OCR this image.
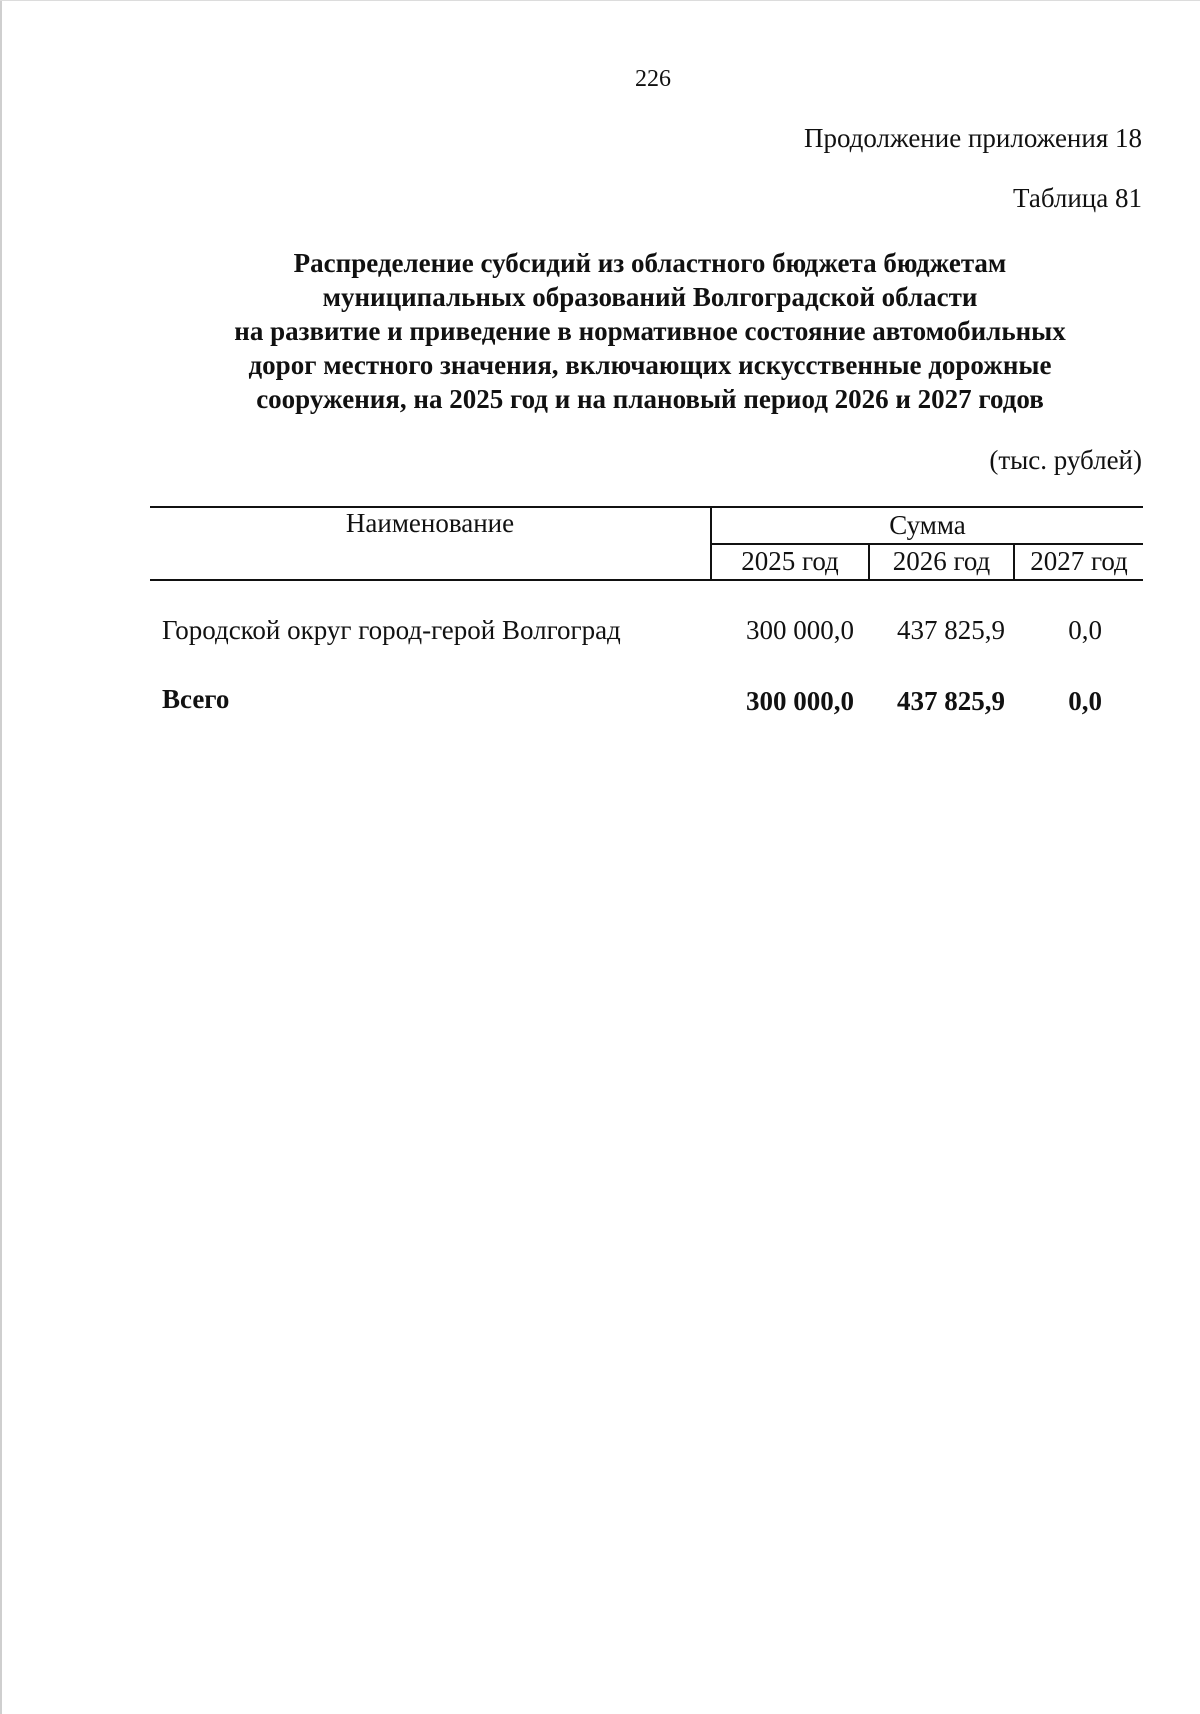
226
Продолжение приложения 18
Таблица 81
Распределение субсидий из областного бюджета бюджетам
муниципальных образований Волгоградской области
на развитие и приведение в нормативное состояние автомобильных
дорог местного значения, включающих искусственные дорожные
сооружения, на 2025 год и на плановый период 2026 и 2027 годов
(тыс. рублей)
Наименование	Сумма
2025 год	2026 год	2027 год
Городской округ город-герой Волгоград	300 000,0	437 825,9	0,0
Всего	300 000,0	437 825,9	0,0
